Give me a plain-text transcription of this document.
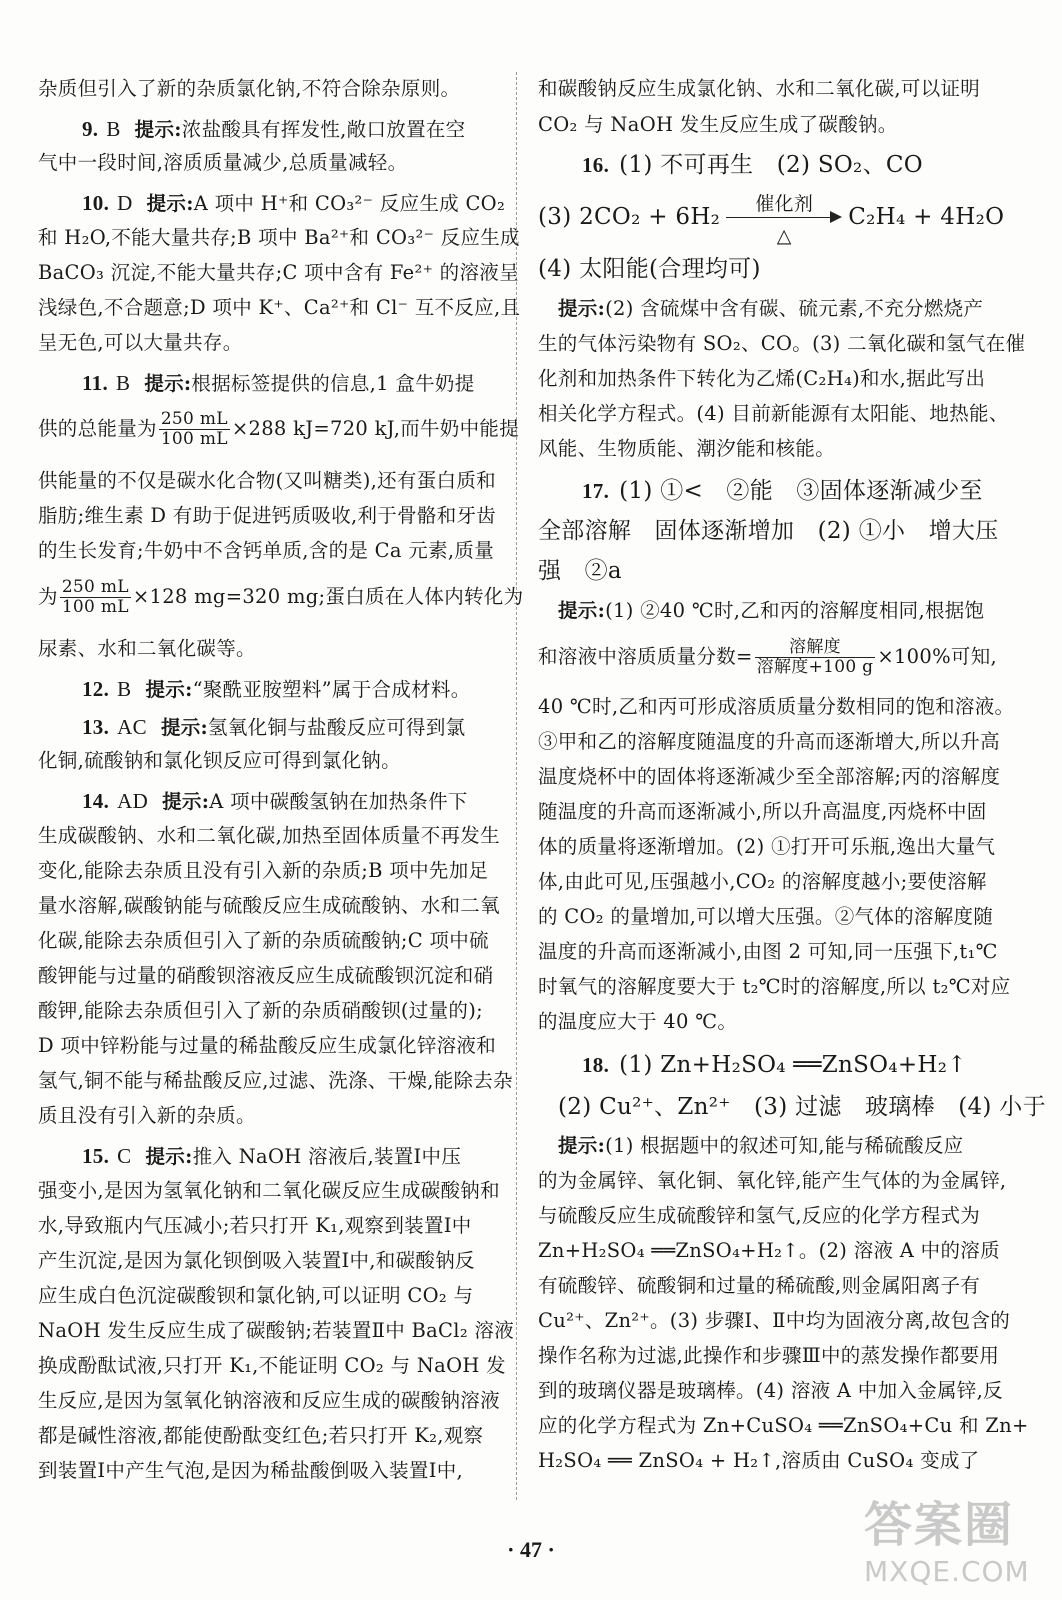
杂质但引入了新的杂质氯化钠,不符合除杂原则。
9. B 提示:浓盐酸具有挥发性,敞口放置在空
气中一段时间,溶质质量减少,总质量减轻。
10. D 提示:A 项中 H⁺和 CO₃²⁻ 反应生成 CO₂
和 H₂O,不能大量共存;B 项中 Ba²⁺和 CO₃²⁻ 反应生成
BaCO₃ 沉淀,不能大量共存;C 项中含有 Fe²⁺ 的溶液呈
浅绿色,不合题意;D 项中 K⁺、Ca²⁺和 Cl⁻ 互不反应,且
呈无色,可以大量共存。
11. B 提示:根据标签提供的信息,1 盒牛奶提
供的总能量为 $\frac{250 mL}{100 mL} \times 288$ kJ=720 kJ,而牛奶中能提
供能量的不仅是碳水化合物(又叫糖类),还有蛋白质和
脂肪;维生素 D 有助于促进钙质吸收,利于骨骼和牙齿
的生长发育;牛奶中不含钙单质,含的是 Ca 元素,质量
为 $\frac{250 mL}{100 mL} \times 128$ mg=320 mg;蛋白质在人体内转化为
尿素、水和二氧化碳等。
12. B 提示:“聚酰亚胺塑料”属于合成材料。
13. AC 提示:氢氧化铜与盐酸反应可得到氯
化铜,硫酸钠和氯化钡反应可得到氯化钠。
14. AD 提示:A 项中碳酸氢钠在加热条件下
生成碳酸钠、水和二氧化碳,加热至固体质量不再发生
变化,能除去杂质且没有引入新的杂质;B 项中先加足
量水溶解,碳酸钠能与硫酸反应生成硫酸钠、水和二氧
化碳,能除去杂质但引入了新的杂质硫酸钠;C 项中硫
酸钾能与过量的硝酸钡溶液反应生成硫酸钡沉淀和硝
酸钾,能除去杂质但引入了新的杂质硝酸钡(过量的);
D 项中锌粉能与过量的稀盐酸反应生成氯化锌溶液和
氢气,铜不能与稀盐酸反应,过滤、洗涤、干燥,能除去杂
质且没有引入新的杂质。
15. C 提示:推入 NaOH 溶液后,装置Ⅰ中压
强变小,是因为氢氧化钠和二氧化碳反应生成碳酸钠和
水,导致瓶内气压减小;若只打开 K₁,观察到装置Ⅰ中
产生沉淀,是因为氯化钡倒吸入装置Ⅰ中,和碳酸钠反
应生成白色沉淀碳酸钡和氯化钠,可以证明 CO₂ 与
NaOH 发生反应生成了碳酸钠;若装置Ⅱ中 BaCl₂ 溶液
换成酚酞试液,只打开 K₁,不能证明 CO₂ 与 NaOH 发
生反应,是因为氢氧化钠溶液和反应生成的碳酸钠溶液
都是碱性溶液,都能使酚酞变红色;若只打开 K₂,观察
到装置Ⅰ中产生气泡,是因为稀盐酸倒吸入装置Ⅰ中,
和碳酸钠反应生成氯化钠、水和二氧化碳,可以证明
CO₂ 与 NaOH 发生反应生成了碳酸钠。
16. (1) 不可再生　(2) SO₂、CO
(3) 2CO₂ + 6H₂	催化剂
△
C₂H₄ + 4H₂O
(4) 太阳能(合理均可)
提示:(2) 含硫煤中含有碳、硫元素,不充分燃烧产
生的气体污染物有 SO₂、CO。(3) 二氧化碳和氢气在催
化剂和加热条件下转化为乙烯(C₂H₄)和水,据此写出
相关化学方程式。(4) 目前新能源有太阳能、地热能、
风能、生物质能、潮汐能和核能。
17. (1) ①<　②能　③固体逐渐减少至
全部溶解　固体逐渐增加　(2) ①小　增大压
强　②a
提示:(1) ②40 ℃时,乙和丙的溶解度相同,根据饱
和溶液中溶质质量分数= $\frac{\text{溶解度}}{\text{溶解度+100 g}} \times 100\%$可知,
40 ℃时,乙和丙可形成溶质质量分数相同的饱和溶液。
③甲和乙的溶解度随温度的升高而逐渐增大,所以升高
温度烧杯中的固体将逐渐减少至全部溶解;丙的溶解度
随温度的升高而逐渐减小,所以升高温度,丙烧杯中固
体的质量将逐渐增加。(2) ①打开可乐瓶,逸出大量气
体,由此可见,压强越小,CO₂ 的溶解度越小;要使溶解
的 CO₂ 的量增加,可以增大压强。②气体的溶解度随
温度的升高而逐渐减小,由图 2 可知,同一压强下,t₁℃
时氧气的溶解度要大于 t₂℃时的溶解度,所以 t₂℃对应
的温度应大于 40 ℃。
18. (1) Zn+H₂SO₄ ══ZnSO₄+H₂↑
(2) Cu²⁺、Zn²⁺　(3) 过滤　玻璃棒　(4) 小于
提示:(1) 根据题中的叙述可知,能与稀硫酸反应
的为金属锌、氧化铜、氧化锌,能产生气体的为金属锌,
与硫酸反应生成硫酸锌和氢气,反应的化学方程式为
Zn+H₂SO₄ ══ZnSO₄+H₂↑。(2) 溶液 A 中的溶质
有硫酸锌、硫酸铜和过量的稀硫酸,则金属阳离子有
Cu²⁺、Zn²⁺。(3) 步骤Ⅰ、Ⅱ中均为固液分离,故包含的
操作名称为过滤,此操作和步骤Ⅲ中的蒸发操作都要用
到的玻璃仪器是玻璃棒。(4) 溶液 A 中加入金属锌,反
应的化学方程式为 Zn+CuSO₄ ══ZnSO₄+Cu 和 Zn+
H₂SO₄ ══ ZnSO₄ + H₂↑,溶质由 CuSO₄ 变成了
· 47 ·	答案圈
MXQE.COM
